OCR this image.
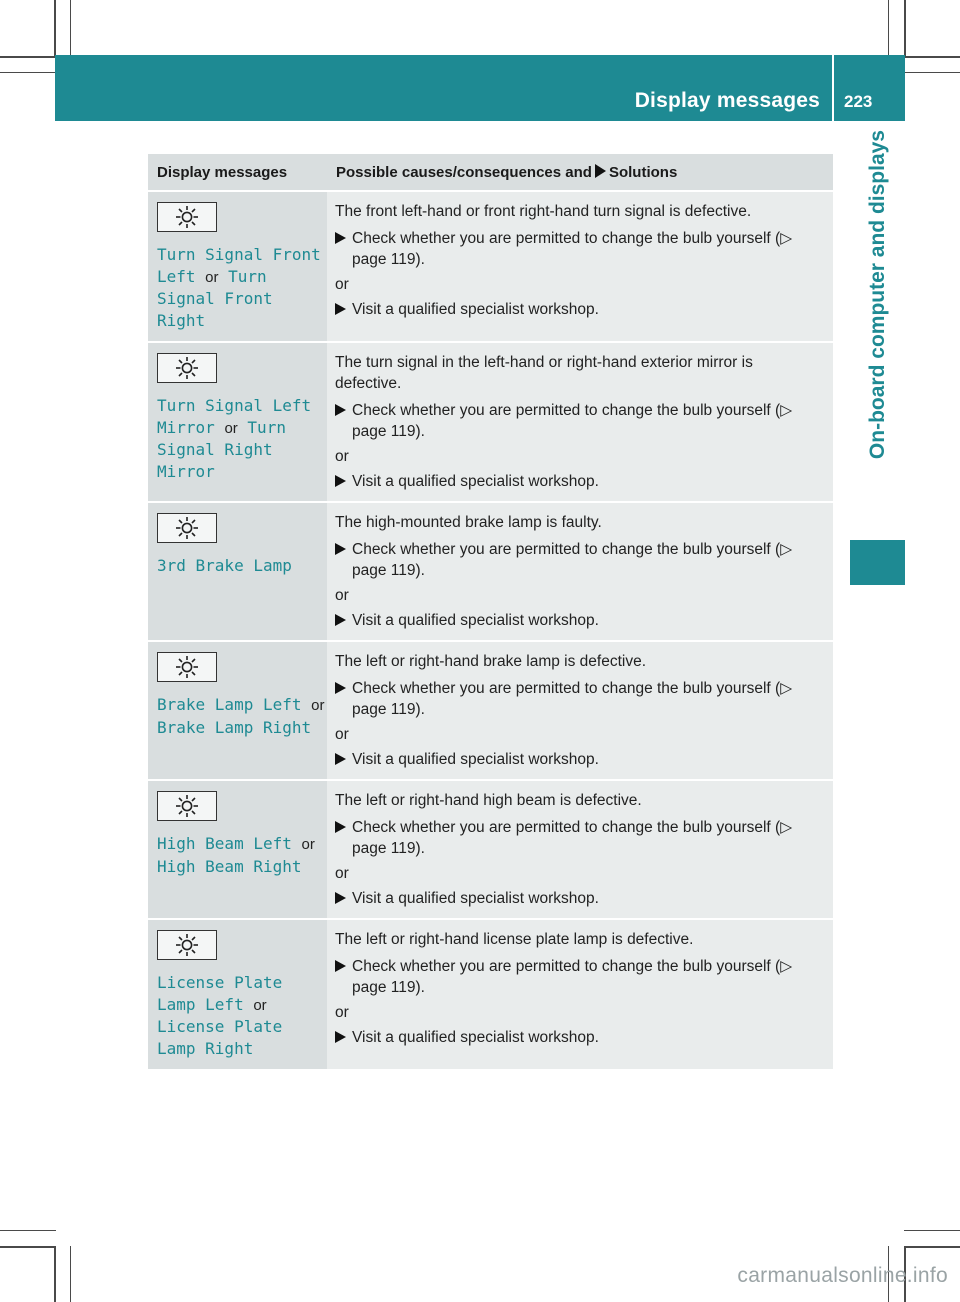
Display messages 223
On-board computer and displays
Display messages	Possible causes/consequences and Solutions

Turn Signal Front Left or Turn Signal Front Right	The front left-hand or front right-hand turn signal is defective.

Check whether you are permitted to change the bulb yourself (▷ page 119).

or

Visit a qualified specialist workshop.

Turn Signal Left Mirror or Turn Signal Right Mirror	The turn signal in the left-hand or right-hand exterior mirror is defective.

Check whether you are permitted to change the bulb yourself (▷ page 119).

or

Visit a qualified specialist workshop.

3rd Brake Lamp	The high-mounted brake lamp is faulty.

Check whether you are permitted to change the bulb yourself (▷ page 119).

or

Visit a qualified specialist workshop.

Brake Lamp Left or Brake Lamp Right	The left or right-hand brake lamp is defective.

Check whether you are permitted to change the bulb yourself (▷ page 119).

or

Visit a qualified specialist workshop.

High Beam Left or High Beam Right	The left or right-hand high beam is defective.

Check whether you are permitted to change the bulb yourself (▷ page 119).

or

Visit a qualified specialist workshop.

License Plate Lamp Left or License Plate Lamp Right	The left or right-hand license plate lamp is defective.

Check whether you are permitted to change the bulb yourself (▷ page 119).

or

Visit a qualified specialist workshop.

carmanualsonline.info
